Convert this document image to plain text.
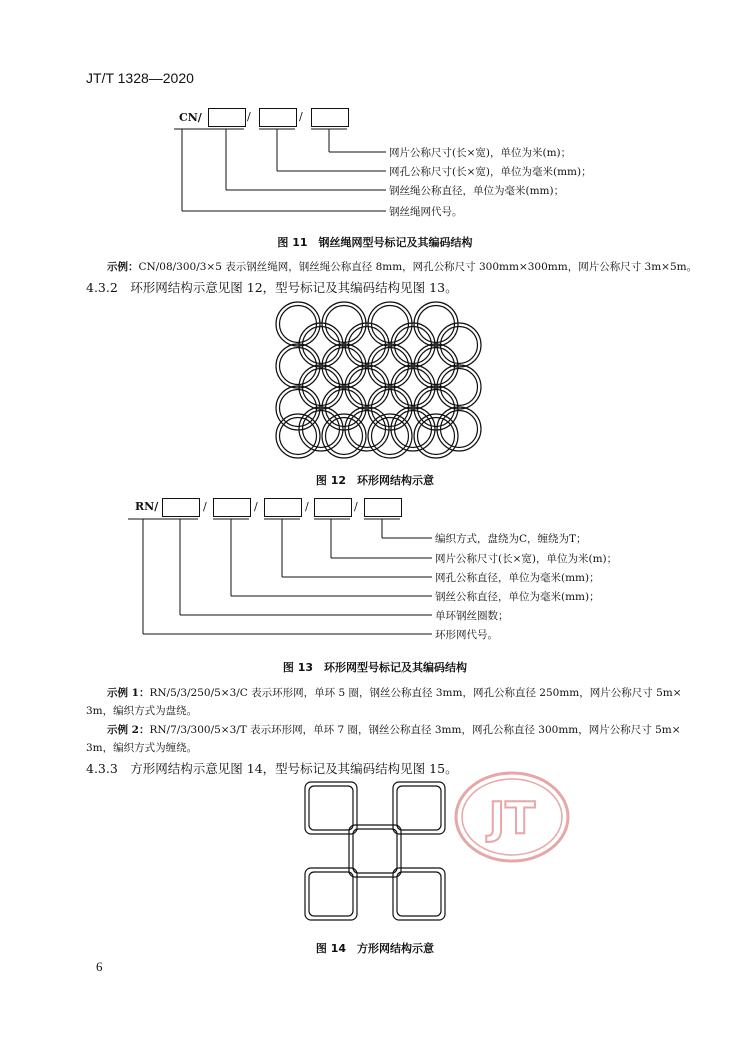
JT/T 1328—2020
CN/	/	/
网片公称尺寸(长×宽)，单位为米(m)；
网孔公称尺寸(长×宽)，单位为毫米(mm)；
钢丝绳公称直径，单位为毫米(mm)；
钢丝绳网代号。
图 11　钢丝绳网型号标记及其编码结构
示例：CN/08/300/3×5 表示钢丝绳网，钢丝绳公称直径 8mm，网孔公称尺寸 300mm×300mm，网片公称尺寸 3m×5m。
4.3.2　环形网结构示意见图 12，型号标记及其编码结构见图 13。
图 12　环形网结构示意
RN/	/	/	/	/
编织方式，盘绕为C，缠绕为T；
网片公称尺寸(长×宽)，单位为米(m)；
网孔公称直径，单位为毫米(mm)；
钢丝公称直径，单位为毫米(mm)；
单环钢丝圈数；
环形网代号。
图 13　环形网型号标记及其编码结构
示例 1：RN/5/3/250/5×3/C 表示环形网，单环 5 圈，钢丝公称直径 3mm，网孔公称直径 250mm，网片公称尺寸 5m×
3m，编织方式为盘绕。
示例 2：RN/7/3/300/5×3/T 表示环形网，单环 7 圈，钢丝公称直径 3mm，网孔公称直径 300mm，网片公称尺寸 5m×
3m，编织方式为缠绕。
4.3.3　方形网结构示意见图 14，型号标记及其编码结构见图 15。
JT
图 14　方形网结构示意
6
